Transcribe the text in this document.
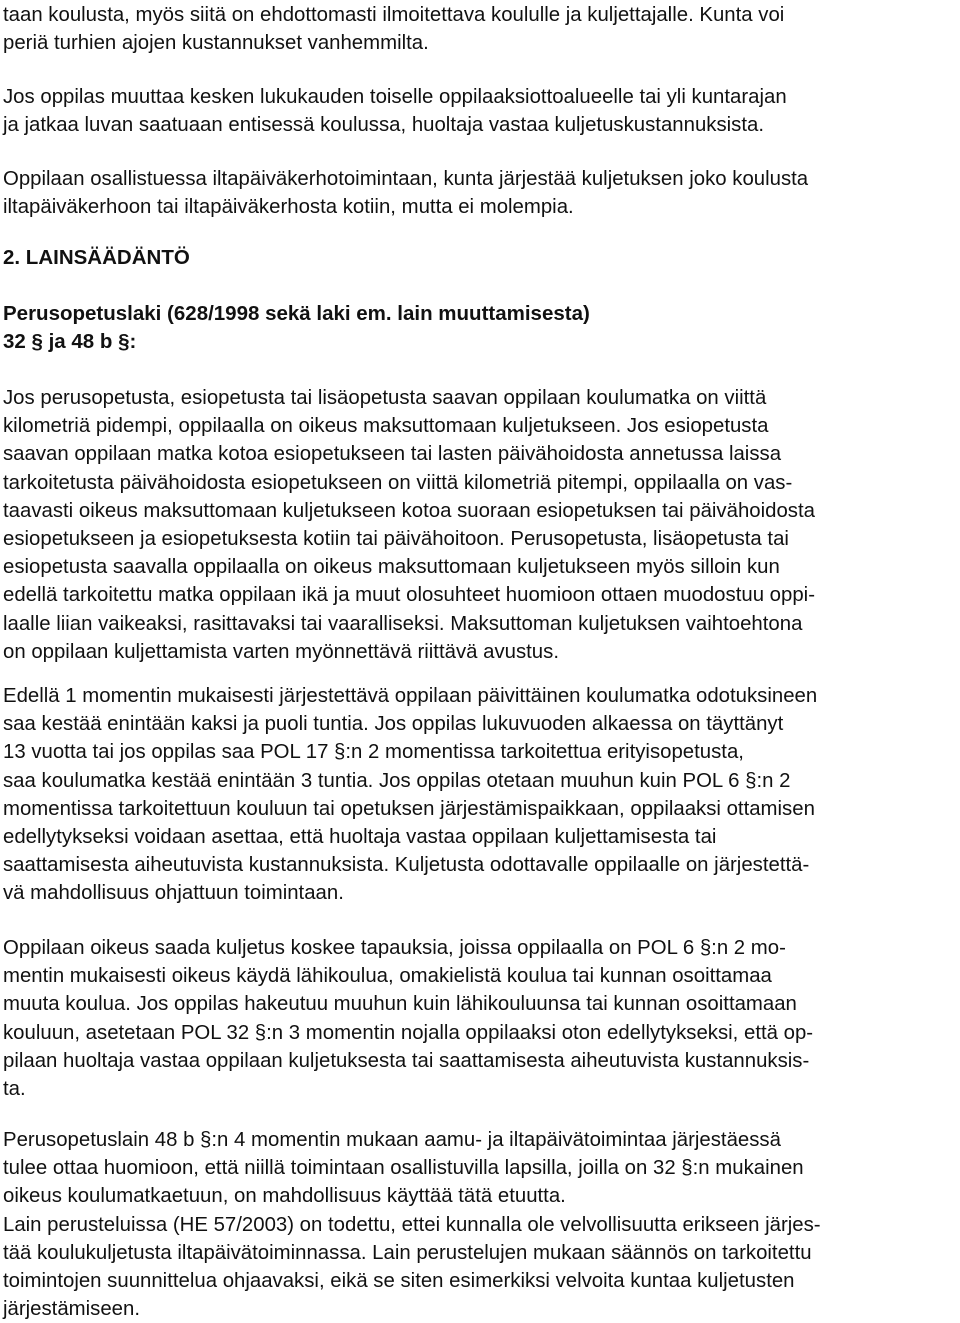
taan koulusta, myös siitä on ehdottomasti ilmoitettava koululle ja kuljettajalle. Kunta voi
periä turhien ajojen kustannukset vanhemmilta.

Jos oppilas muuttaa kesken lukukauden toiselle oppilaaksiottoalueelle tai yli kuntarajan
ja jatkaa luvan saatuaan entisessä koulussa, huoltaja vastaa kuljetuskustannuksista.

Oppilaan osallistuessa iltapäiväkerhotoimintaan, kunta järjestää kuljetuksen joko koulusta
iltapäiväkerhoon tai iltapäiväkerhosta kotiin, mutta ei molempia.

2. LAINSÄÄDÄNTÖ
Perusopetuslaki (628/1998 sekä laki em. lain muuttamisesta)
32 § ja 48 b §:

Jos perusopetusta, esiopetusta tai lisäopetusta saavan oppilaan koulumatka on viittä
kilometriä pidempi, oppilaalla on oikeus maksuttomaan kuljetukseen. Jos esiopetusta
saavan oppilaan matka kotoa esiopetukseen tai lasten päivähoidosta annetussa laissa
tarkoitetusta päivähoidosta esiopetukseen on viittä kilometriä pitempi, oppilaalla on vas-
taavasti oikeus maksuttomaan kuljetukseen kotoa suoraan esiopetuksen tai päivähoidosta
esiopetukseen ja esiopetuksesta kotiin tai päivähoitoon. Perusopetusta, lisäopetusta tai
esiopetusta saavalla oppilaalla on oikeus maksuttomaan kuljetukseen myös silloin kun
edellä tarkoitettu matka oppilaan ikä ja muut olosuhteet huomioon ottaen muodostuu oppi-
laalle liian vaikeaksi, rasittavaksi tai vaaralliseksi. Maksuttoman kuljetuksen vaihtoehtona
on oppilaan kuljettamista varten myönnettävä riittävä avustus.

Edellä 1 momentin mukaisesti järjestettävä oppilaan päivittäinen koulumatka odotuksineen
saa kestää enintään kaksi ja puoli tuntia. Jos oppilas lukuvuoden alkaessa on täyttänyt
13 vuotta tai jos oppilas saa POL 17 §:n 2 momentissa tarkoitettua erityisopetusta,
saa koulumatka kestää enintään 3 tuntia. Jos oppilas otetaan muuhun kuin POL 6 §:n 2
momentissa tarkoitettuun kouluun tai opetuksen järjestämispaikkaan, oppilaaksi ottamisen
edellytykseksi voidaan asettaa, että huoltaja vastaa oppilaan kuljettamisesta tai
saattamisesta aiheutuvista kustannuksista. Kuljetusta odottavalle oppilaalle on järjestettä-
vä mahdollisuus ohjattuun toimintaan.

Oppilaan oikeus saada kuljetus koskee tapauksia, joissa oppilaalla on POL 6 §:n 2 mo-
mentin mukaisesti oikeus käydä lähikoulua, omakielistä koulua tai kunnan osoittamaa
muuta koulua. Jos oppilas hakeutuu muuhun kuin lähikouluunsa tai kunnan osoittamaan
kouluun, asetetaan POL 32 §:n 3 momentin nojalla oppilaaksi oton edellytykseksi, että op-
pilaan huoltaja vastaa oppilaan kuljetuksesta tai saattamisesta aiheutuvista kustannuksis-
ta.

Perusopetuslain 48 b §:n 4 momentin mukaan aamu- ja iltapäivätoimintaa järjestäessä
tulee ottaa huomioon, että niillä toimintaan osallistuvilla lapsilla, joilla on 32 §:n mukainen
oikeus koulumatkaetuun, on mahdollisuus käyttää tätä etuutta.
Lain perusteluissa (HE 57/2003) on todettu, ettei kunnalla ole velvollisuutta erikseen järjes-
tää koulukuljetusta iltapäivätoiminnassa. Lain perustelujen mukaan säännös on tarkoitettu
toimintojen suunnittelua ohjaavaksi, eikä se siten esimerkiksi velvoita kuntaa kuljetusten
järjestämiseen.
